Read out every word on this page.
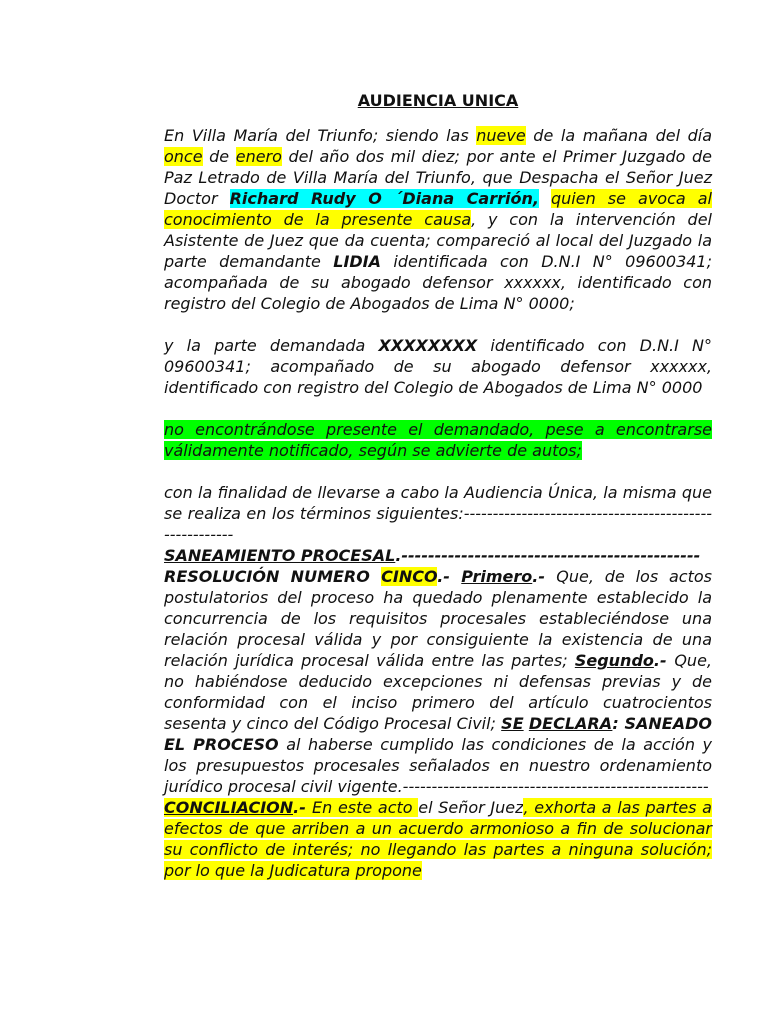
AUDIENCIA UNICA

En Villa María del Triunfo; siendo las nueve de la mañana del día once de enero del año dos mil diez; por ante el Primer Juzgado de Paz Letrado de Villa María del Triunfo, que Despacha el Señor Juez Doctor Richard Rudy O ´Diana Carrión, quien se avoca al conocimiento de la presente causa, y con la intervención del Asistente de Juez que da cuenta; compareció al local del Juzgado la parte demandante LIDIA identificada con D.N.I N° 09600341; acompañada de su abogado defensor xxxxxx, identificado con registro del Colegio de Abogados de Lima N° 0000;

y la parte demandada XXXXXXXX identificado con D.N.I N° 09600341; acompañado de su abogado defensor xxxxxx, identificado con registro del Colegio de Abogados de Lima N° 0000

no encontrándose presente el demandado, pese a encontrarse válidamente notificado, según se advierte de autos;

con la finalidad de llevarse a cabo la Audiencia Única, la misma que se realiza en los términos siguientes:-------------------------------------------------------

SANEAMIENTO PROCESAL.---------------------------------------------

RESOLUCIÓN NUMERO CINCO.- Primero.- Que, de los actos postulatorios del proceso ha quedado plenamente establecido la concurrencia de los requisitos procesales estableciéndose una relación procesal válida y por consiguiente la existencia de una relación jurídica procesal válida entre las partes; Segundo.- Que, no habiéndose deducido excepciones ni defensas previas y de conformidad con el inciso primero del artículo cuatrocientos sesenta y cinco del Código Procesal Civil; SE DECLARA: SANEADO EL PROCESO al haberse cumplido las condiciones de la acción y los presupuestos procesales señalados en nuestro ordenamiento jurídico procesal civil vigente.-----------------------------------------------------

CONCILIACION.- En este acto el Señor Juez, exhorta a las partes a efectos de que arriben a un acuerdo armonioso a fin de solucionar su conflicto de interés; no llegando las partes a ninguna solución; por lo que la Judicatura propone
